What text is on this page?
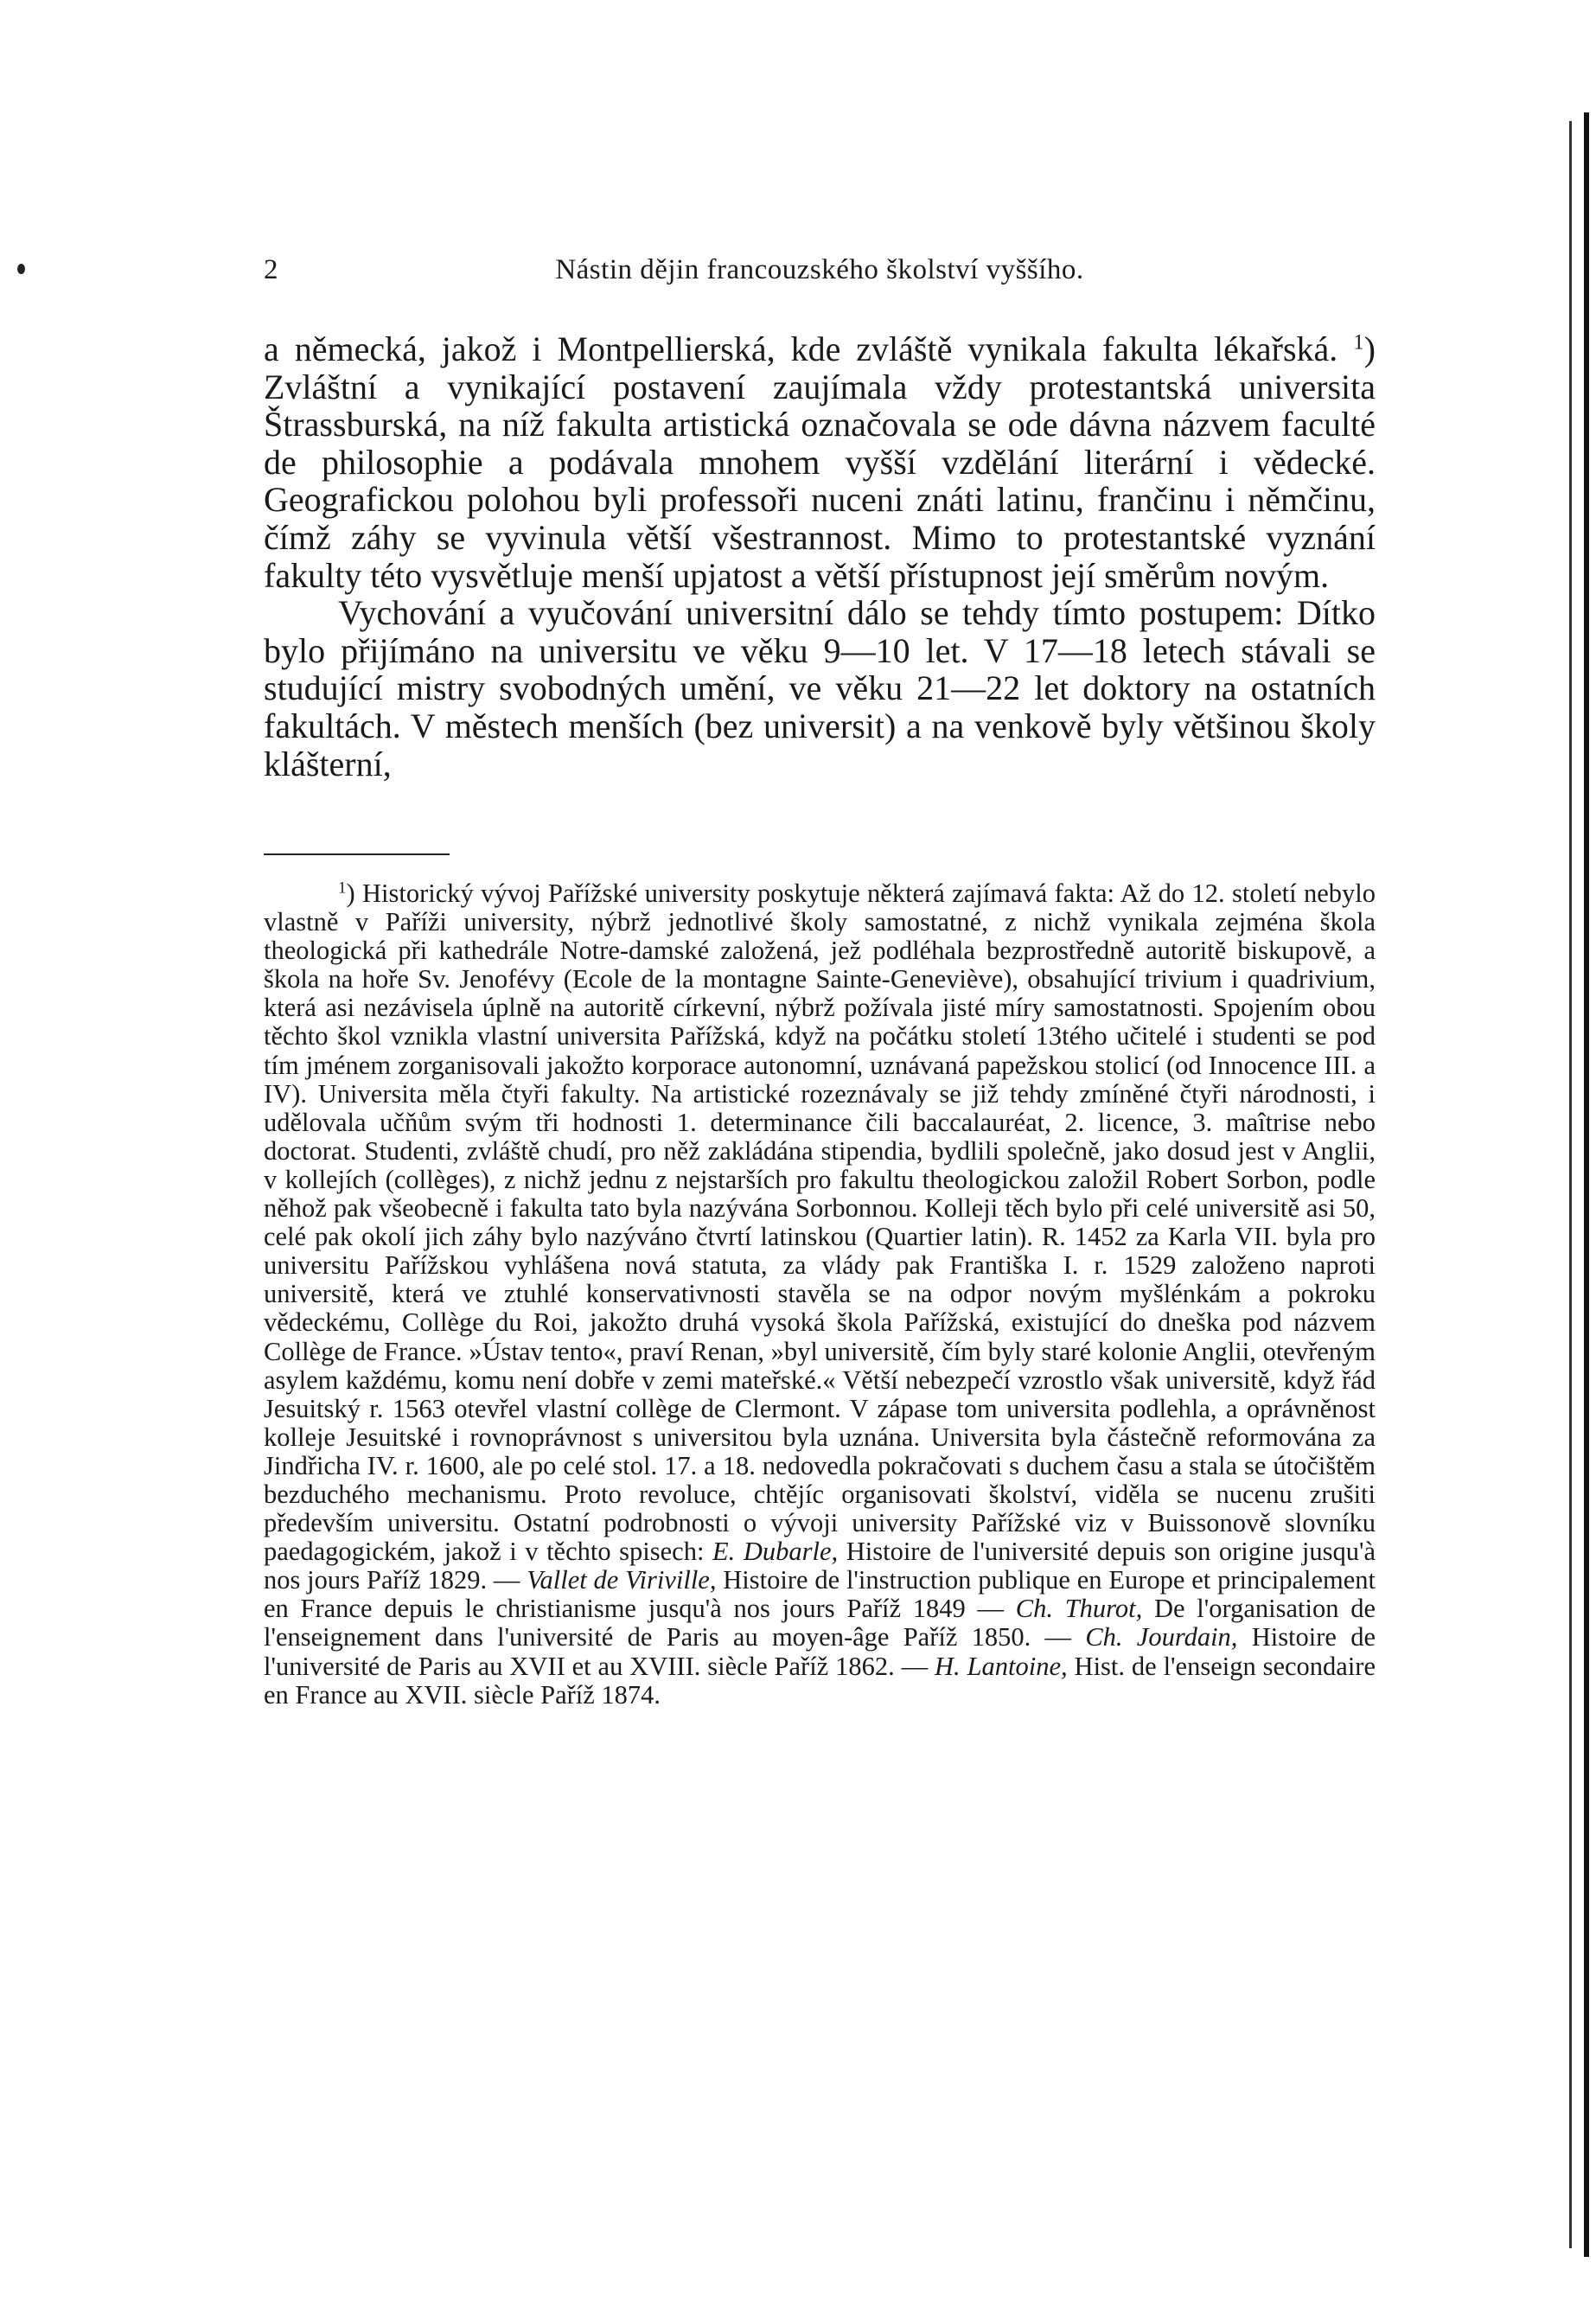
2	Nástin dějin francouzského školství vyššího.

a německá, jakož i Montpellierská, kde zvláště vynikala fakulta lékařská. $^1$) Zvláštní a vynikající postavení zaujímala vždy protestantská universita Štrassburská, na níž fakulta artistická označovala se ode dávna názvem faculté de philosophie a podávala mnohem vyšší vzdělání literární i vědecké. Geografickou polohou byli professoři nuceni znáti latinu, frančinu i němčinu, čímž záhy se vyvinula větší všestrannost. Mimo to protestantské vyznání fakulty této vysvětluje menší upjatost a větší přístupnost její směrům novým.

Vychování a vyučování universitní dálo se tehdy tímto postupem: Dítko bylo přijímáno na universitu ve věku 9—10 let. V 17—18 letech stávali se studující mistry svobodných umění, ve věku 21—22 let doktory na ostatních fakultách. V městech menších (bez universit) a na venkově byly většinou školy klášterní,

$^1$) Historický vývoj Pařížské university poskytuje některá zajímavá fakta: Až do 12. století nebylo vlastně v Paříži university, nýbrž jednotlivé školy samostatné, z nichž vynikala zejména škola theologická při kathedrále Notre-damské založená, jež podléhala bezprostředně autoritě biskupově, a škola na hoře Sv. Jenofévy (Ecole de la montagne Sainte-Geneviève), obsahující trivium i quadrivium, která asi nezávisela úplně na autoritě církevní, nýbrž požívala jisté míry samostatnosti. Spojením obou těchto škol vznikla vlastní universita Pařížská, když na počátku století 13tého učitelé i studenti se pod tím jménem zorganisovali jakožto korporace autonomní, uznávaná papežskou stolicí (od Innocence III. a IV). Universita měla čtyři fakulty. Na artistické rozeznávaly se již tehdy zmíněné čtyři národnosti, i udělovala učňům svým tři hodnosti 1. determinance čili baccalauréat, 2. licence, 3. maîtrise nebo doctorat. Studenti, zvláště chudí, pro něž zakládána stipendia, bydlili společně, jako dosud jest v Anglii, v kollejích (collèges), z nichž jednu z nejstarších pro fakultu theologickou založil Robert Sorbon, podle něhož pak všeobecně i fakulta tato byla nazývána Sorbonnou. Kolleji těch bylo při celé universitě asi 50, celé pak okolí jich záhy bylo nazýváno čtvrtí latinskou (Quartier latin). R. 1452 za Karla VII. byla pro universitu Pařížskou vyhlášena nová statuta, za vlády pak Františka I. r. 1529 založeno naproti universitě, která ve ztuhlé konservativnosti stavěla se na odpor novým myšlénkám a pokroku vědeckému, Collège du Roi, jakožto druhá vysoká škola Pařížská, existující do dneška pod názvem Collège de France. »Ústav tento«, praví Renan, »byl universitě, čím byly staré kolonie Anglii, otevřeným asylem každému, komu není dobře v zemi mateřské.« Větší nebezpečí vzrostlo však universitě, když řád Jesuitský r. 1563 otevřel vlastní collège de Clermont. V zápase tom universita podlehla, a oprávněnost kolleje Jesuitské i rovnoprávnost s universitou byla uznána. Universita byla částečně reformována za Jindřicha IV. r. 1600, ale po celé stol. 17. a 18. nedovedla pokračovati s duchem času a stala se útočištěm bezduchého mechanismu. Proto revoluce, chtějíc organisovati školství, viděla se nucenu zrušiti především universitu. Ostatní podrobnosti o vývoji university Pařížské viz v Buissonově slovníku paedagogickém, jakož i v těchto spisech: E. Dubarle, Histoire de l'université depuis son origine jusqu'à nos jours Paříž 1829. — Vallet de Viriville, Histoire de l'instruction publique en Europe et principalement en France depuis le christianisme jusqu'à nos jours Paříž 1849 — Ch. Thurot, De l'organisation de l'enseignement dans l'université de Paris au moyen-âge Paříž 1850. — Ch. Jourdain, Histoire de l'université de Paris au XVII et au XVIII. siècle Paříž 1862. — H. Lantoine, Hist. de l'enseign secondaire en France au XVII. siècle Paříž 1874.
